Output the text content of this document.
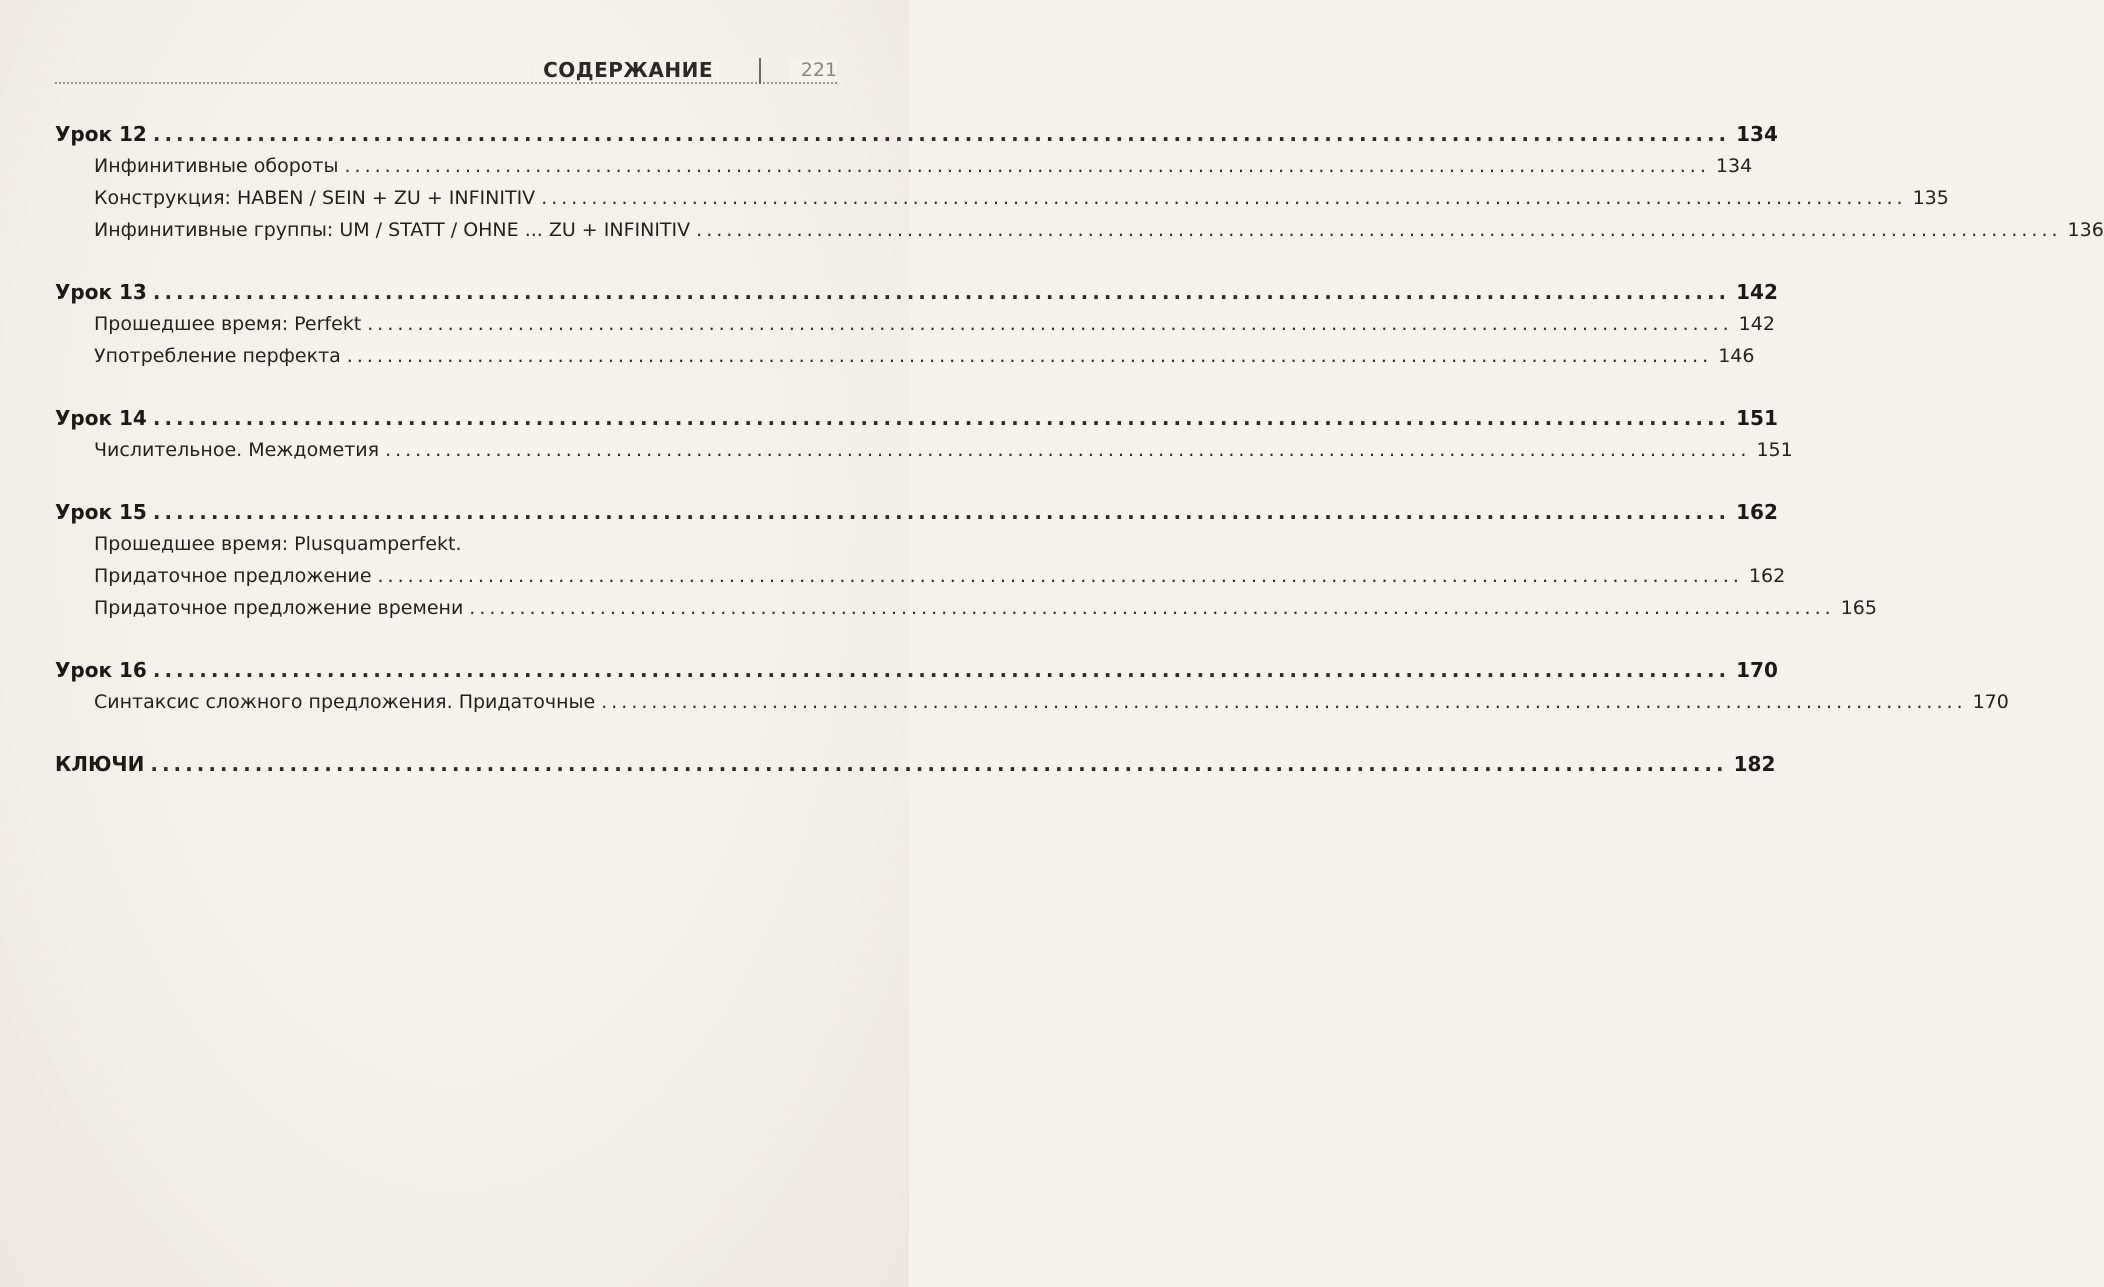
СОДЕРЖАНИЕ	221
Урок 12 ........................................................................................................................................ 134
Инфинитивные обороты ........................................................................................................................................ 134
Конструкция: HABEN / SEIN + ZU + INFINITIV ........................................................................................................................................ 135
Инфинитивные группы: UM / STATT / OHNE ... ZU + INFINITIV ........................................................................................................................................ 136
Урок 13 ........................................................................................................................................ 142
Прошедшее время: Perfekt ........................................................................................................................................ 142
Употребление перфекта ........................................................................................................................................ 146
Урок 14 ........................................................................................................................................ 151
Числительное. Междометия ........................................................................................................................................ 151
Урок 15 ........................................................................................................................................ 162
Прошедшее время: Plusquamperfekt.
Придаточное предложение ........................................................................................................................................ 162
Придаточное предложение времени ........................................................................................................................................ 165
Урок 16 ........................................................................................................................................ 170
Синтаксис сложного предложения. Придаточные ........................................................................................................................................ 170
КЛЮЧИ ........................................................................................................................................ 182
